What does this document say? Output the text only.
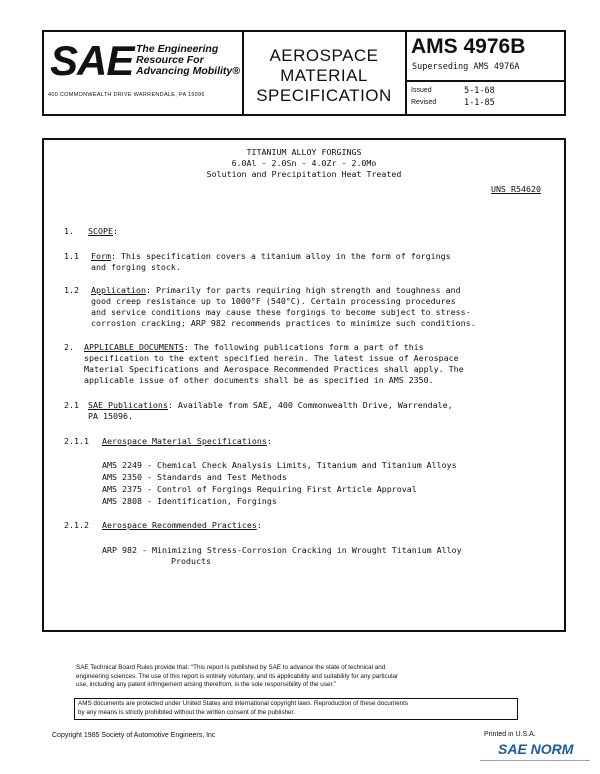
SAE The Engineering
Resource For
Advancing Mobility®
400 COMMONWEALTH DRIVE WARRENDALE, PA 15096
AEROSPACE
MATERIAL
SPECIFICATION
AMS 4976B
Superseding AMS 4976A
Issued	5-1-68
Revised	1-1-85
TITANIUM ALLOY FORGINGS
6.0Al - 2.0Sn - 4.0Zr - 2.0Mo
Solution and Precipitation Heat Treated
UNS R54620
1. SCOPE:
1.1 Form: This specification covers a titanium alloy in the form of forgings
and forging stock.
1.2 Application: Primarily for parts requiring high strength and toughness and
good creep resistance up to 1000°F (540°C). Certain processing procedures
and service conditions may cause these forgings to become subject to stress-
corrosion cracking; ARP 982 recommends practices to minimize such conditions.
2. APPLICABLE DOCUMENTS: The following publications form a part of this
specification to the extent specified herein. The latest issue of Aerospace
Material Specifications and Aerospace Recommended Practices shall apply. The
applicable issue of other documents shall be as specified in AMS 2350.
2.1 SAE Publications: Available from SAE, 400 Commonwealth Drive, Warrendale,
PA 15096.
2.1.1 Aerospace Material Specifications:
AMS 2249 - Chemical Check Analysis Limits, Titanium and Titanium Alloys
AMS 2350 - Standards and Test Methods
AMS 2375 - Control of Forgings Requiring First Article Approval
AMS 2808 - Identification, Forgings
2.1.2 Aerospace Recommended Practices:
ARP 982 - Minimizing Stress-Corrosion Cracking in Wrought Titanium Alloy
Products
SAE Technical Board Rules provide that: “This report is published by SAE to advance the state of technical and
engineering sciences. The use of this report is entirely voluntary, and its applicability and suitability for any particular
use, including any patent infringement arising therefrom, is the sole responsibility of the user.”
AMS documents are protected under United States and international copyright laws. Reproduction of these documents
by any means is strictly prohibited without the written consent of the publisher.
Copyright 1985 Society of Automotive Engineers, Inc	Printed in U.S.A.
SAE NORM
